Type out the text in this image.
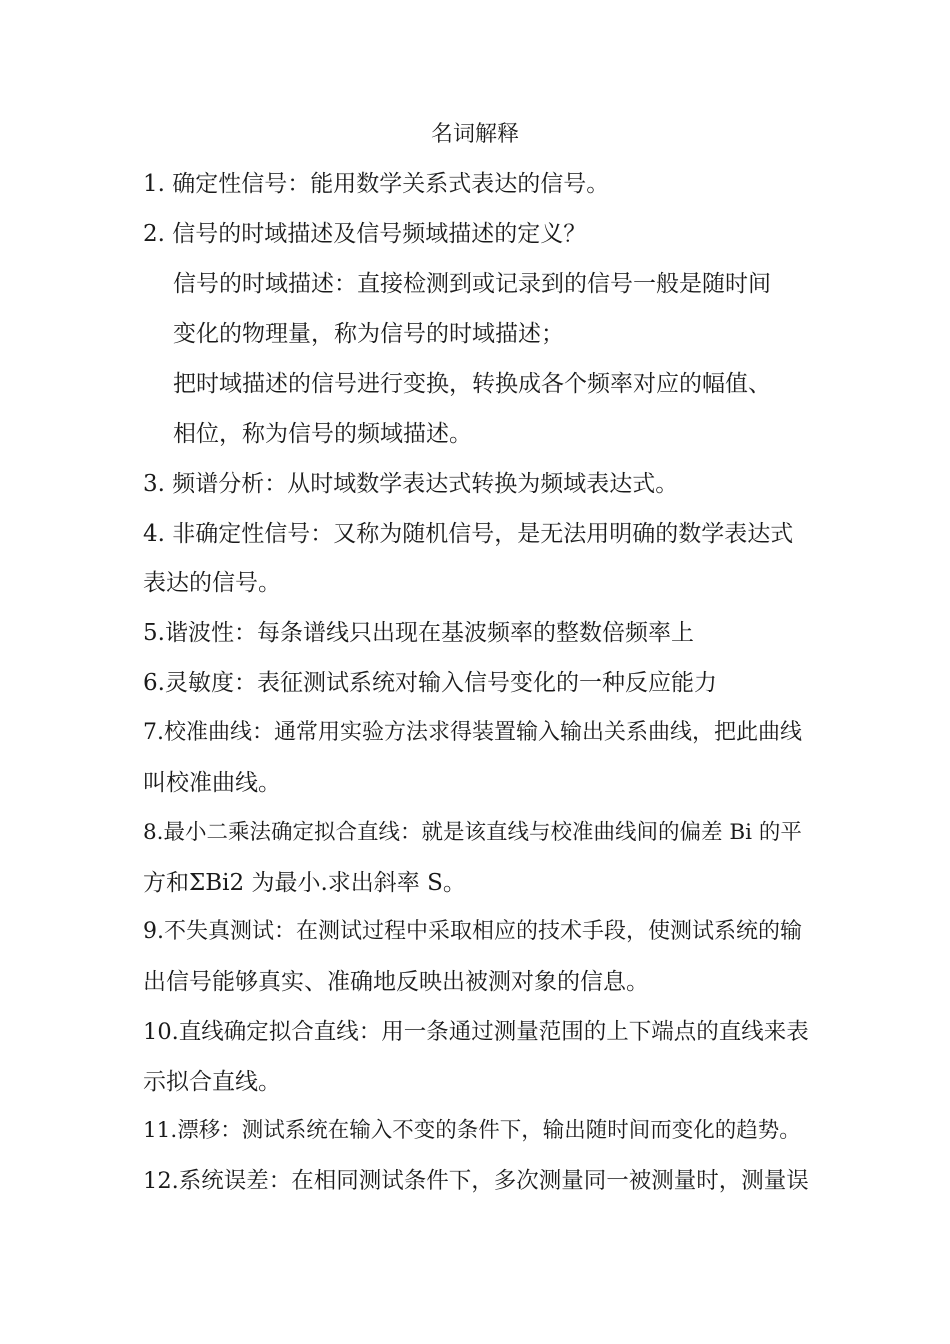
名词解释
1. 确定性信号：能用数学关系式表达的信号。
2. 信号的时域描述及信号频域描述的定义？
信号的时域描述：直接检测到或记录到的信号一般是随时间
变化的物理量，称为信号的时域描述；
把时域描述的信号进行变换，转换成各个频率对应的幅值、
相位，称为信号的频域描述。
3. 频谱分析：从时域数学表达式转换为频域表达式。
4. 非确定性信号：又称为随机信号，是无法用明确的数学表达式
表达的信号。
5.谐波性：每条谱线只出现在基波频率的整数倍频率上
6.灵敏度：表征测试系统对输入信号变化的一种反应能力
7.校准曲线：通常用实验方法求得装置输入输出关系曲线，把此曲线
叫校准曲线。
8.最小二乘法确定拟合直线：就是该直线与校准曲线间的偏差 Bi 的平
方和ΣBi2 为最小.求出斜率 S。
9.不失真测试：在测试过程中采取相应的技术手段，使测试系统的输
出信号能够真实、准确地反映出被测对象的信息。
10.直线确定拟合直线：用一条通过测量范围的上下端点的直线来表
示拟合直线。
11.漂移：测试系统在输入不变的条件下，输出随时间而变化的趋势。
12.系统误差：在相同测试条件下，多次测量同一被测量时，测量误
